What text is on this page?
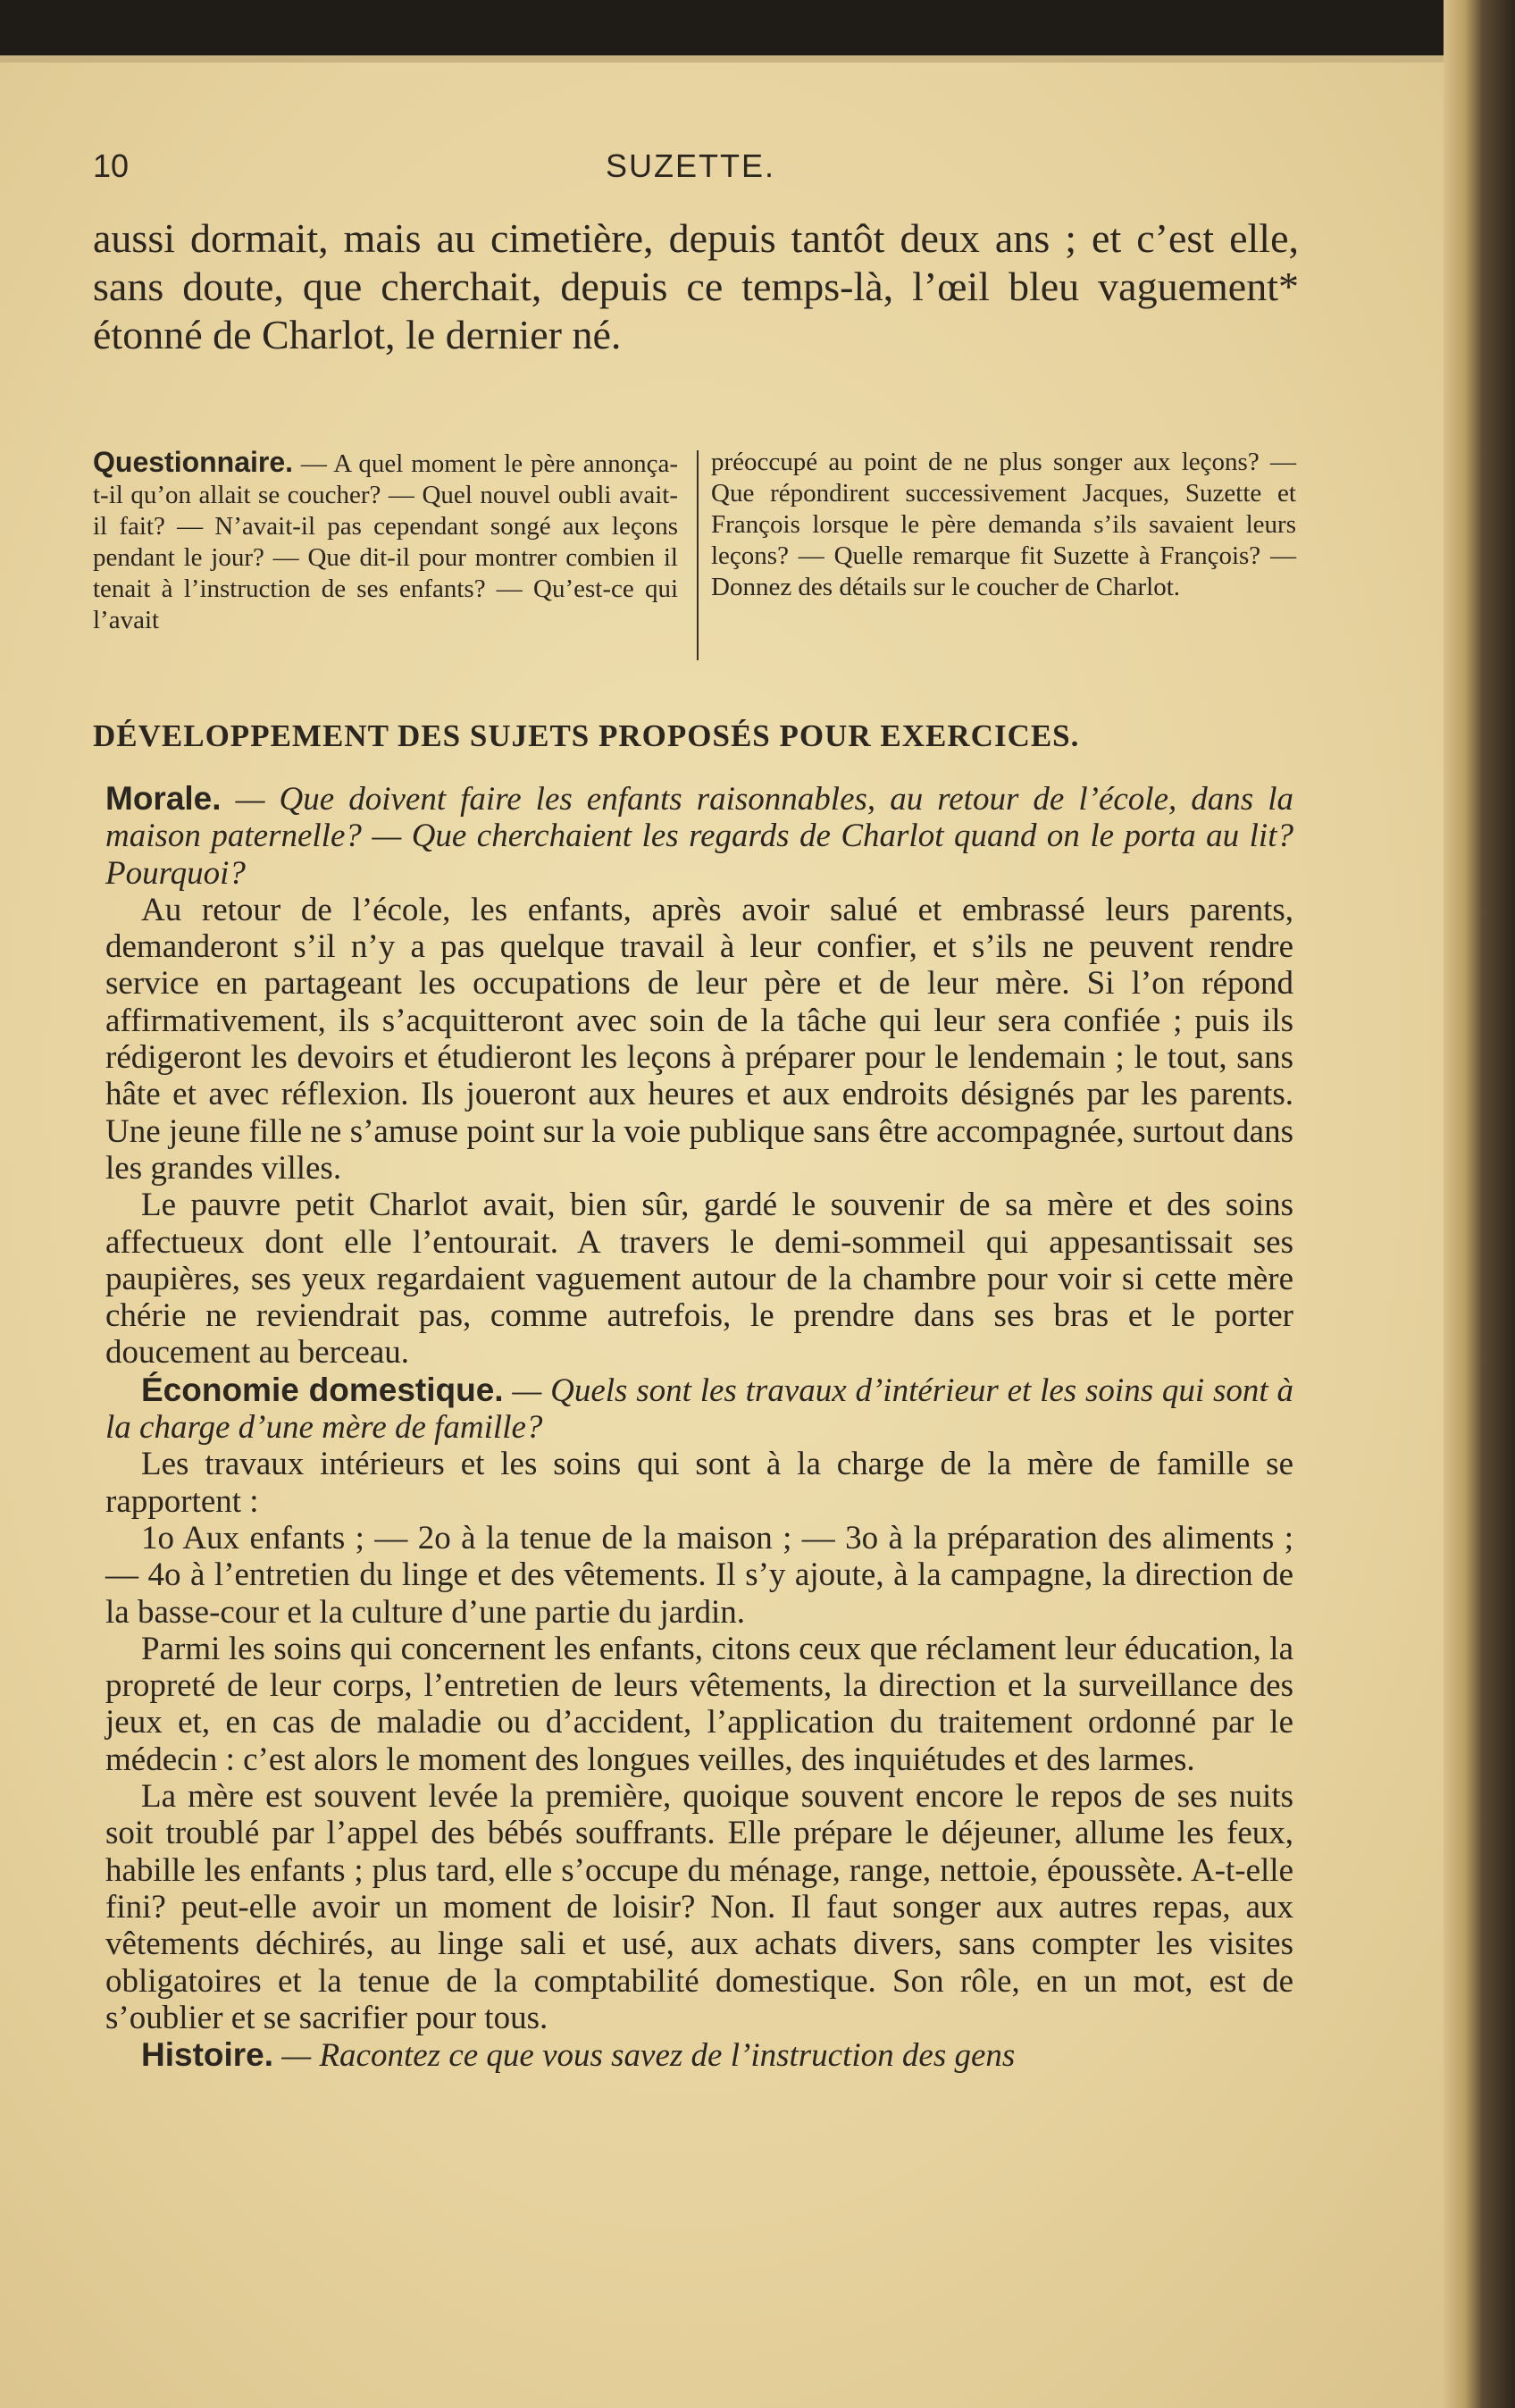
10	SUZETTE.
aussi dormait, mais au cimetière, depuis tantôt deux ans ; et c’est elle, sans doute, que cherchait, depuis ce temps-là, l’œil bleu vaguement* étonné de Charlot, le dernier né.
Questionnaire. — A quel moment le père annonça-t-il qu’on allait se coucher? — Quel nouvel oubli avait-il fait? — N’avait-il pas cependant songé aux leçons pendant le jour? — Que dit-il pour montrer combien il tenait à l’instruction de ses enfants? — Qu’est-ce qui l’avait
préoccupé au point de ne plus songer aux leçons? — Que répondirent successivement Jacques, Suzette et François lorsque le père demanda s’ils savaient leurs leçons? — Quelle remarque fit Suzette à François? — Donnez des détails sur le coucher de Charlot.
DÉVELOPPEMENT DES SUJETS PROPOSÉS POUR EXERCICES.

Morale. — Que doivent faire les enfants raisonnables, au retour de l’école, dans la maison paternelle? — Que cherchaient les regards de Charlot quand on le porta au lit? Pourquoi?

Au retour de l’école, les enfants, après avoir salué et embrassé leurs parents, demanderont s’il n’y a pas quelque travail à leur confier, et s’ils ne peuvent rendre service en partageant les occupations de leur père et de leur mère. Si l’on répond affirmativement, ils s’acquitteront avec soin de la tâche qui leur sera confiée ; puis ils rédigeront les devoirs et étudieront les leçons à préparer pour le lendemain ; le tout, sans hâte et avec réflexion. Ils joueront aux heures et aux endroits désignés par les parents. Une jeune fille ne s’amuse point sur la voie publique sans être accompagnée, surtout dans les grandes villes.

Le pauvre petit Charlot avait, bien sûr, gardé le souvenir de sa mère et des soins affectueux dont elle l’entourait. A travers le demi-sommeil qui appesantissait ses paupières, ses yeux regardaient vaguement autour de la chambre pour voir si cette mère chérie ne reviendrait pas, comme autrefois, le prendre dans ses bras et le porter doucement au berceau.

Économie domestique. — Quels sont les travaux d’intérieur et les soins qui sont à la charge d’une mère de famille?

Les travaux intérieurs et les soins qui sont à la charge de la mère de famille se rapportent :

1o Aux enfants ; — 2o à la tenue de la maison ; — 3o à la préparation des aliments ; — 4o à l’entretien du linge et des vêtements. Il s’y ajoute, à la campagne, la direction de la basse-cour et la culture d’une partie du jardin.

Parmi les soins qui concernent les enfants, citons ceux que réclament leur éducation, la propreté de leur corps, l’entretien de leurs vêtements, la direction et la surveillance des jeux et, en cas de maladie ou d’accident, l’application du traitement ordonné par le médecin : c’est alors le moment des longues veilles, des inquiétudes et des larmes.

La mère est souvent levée la première, quoique souvent encore le repos de ses nuits soit troublé par l’appel des bébés souffrants. Elle prépare le déjeuner, allume les feux, habille les enfants ; plus tard, elle s’occupe du ménage, range, nettoie, époussète. A-t-elle fini? peut-elle avoir un moment de loisir? Non. Il faut songer aux autres repas, aux vêtements déchirés, au linge sali et usé, aux achats divers, sans compter les visites obligatoires et la tenue de la comptabilité domestique. Son rôle, en un mot, est de s’oublier et se sacrifier pour tous.

Histoire. — Racontez ce que vous savez de l’instruction des gens
